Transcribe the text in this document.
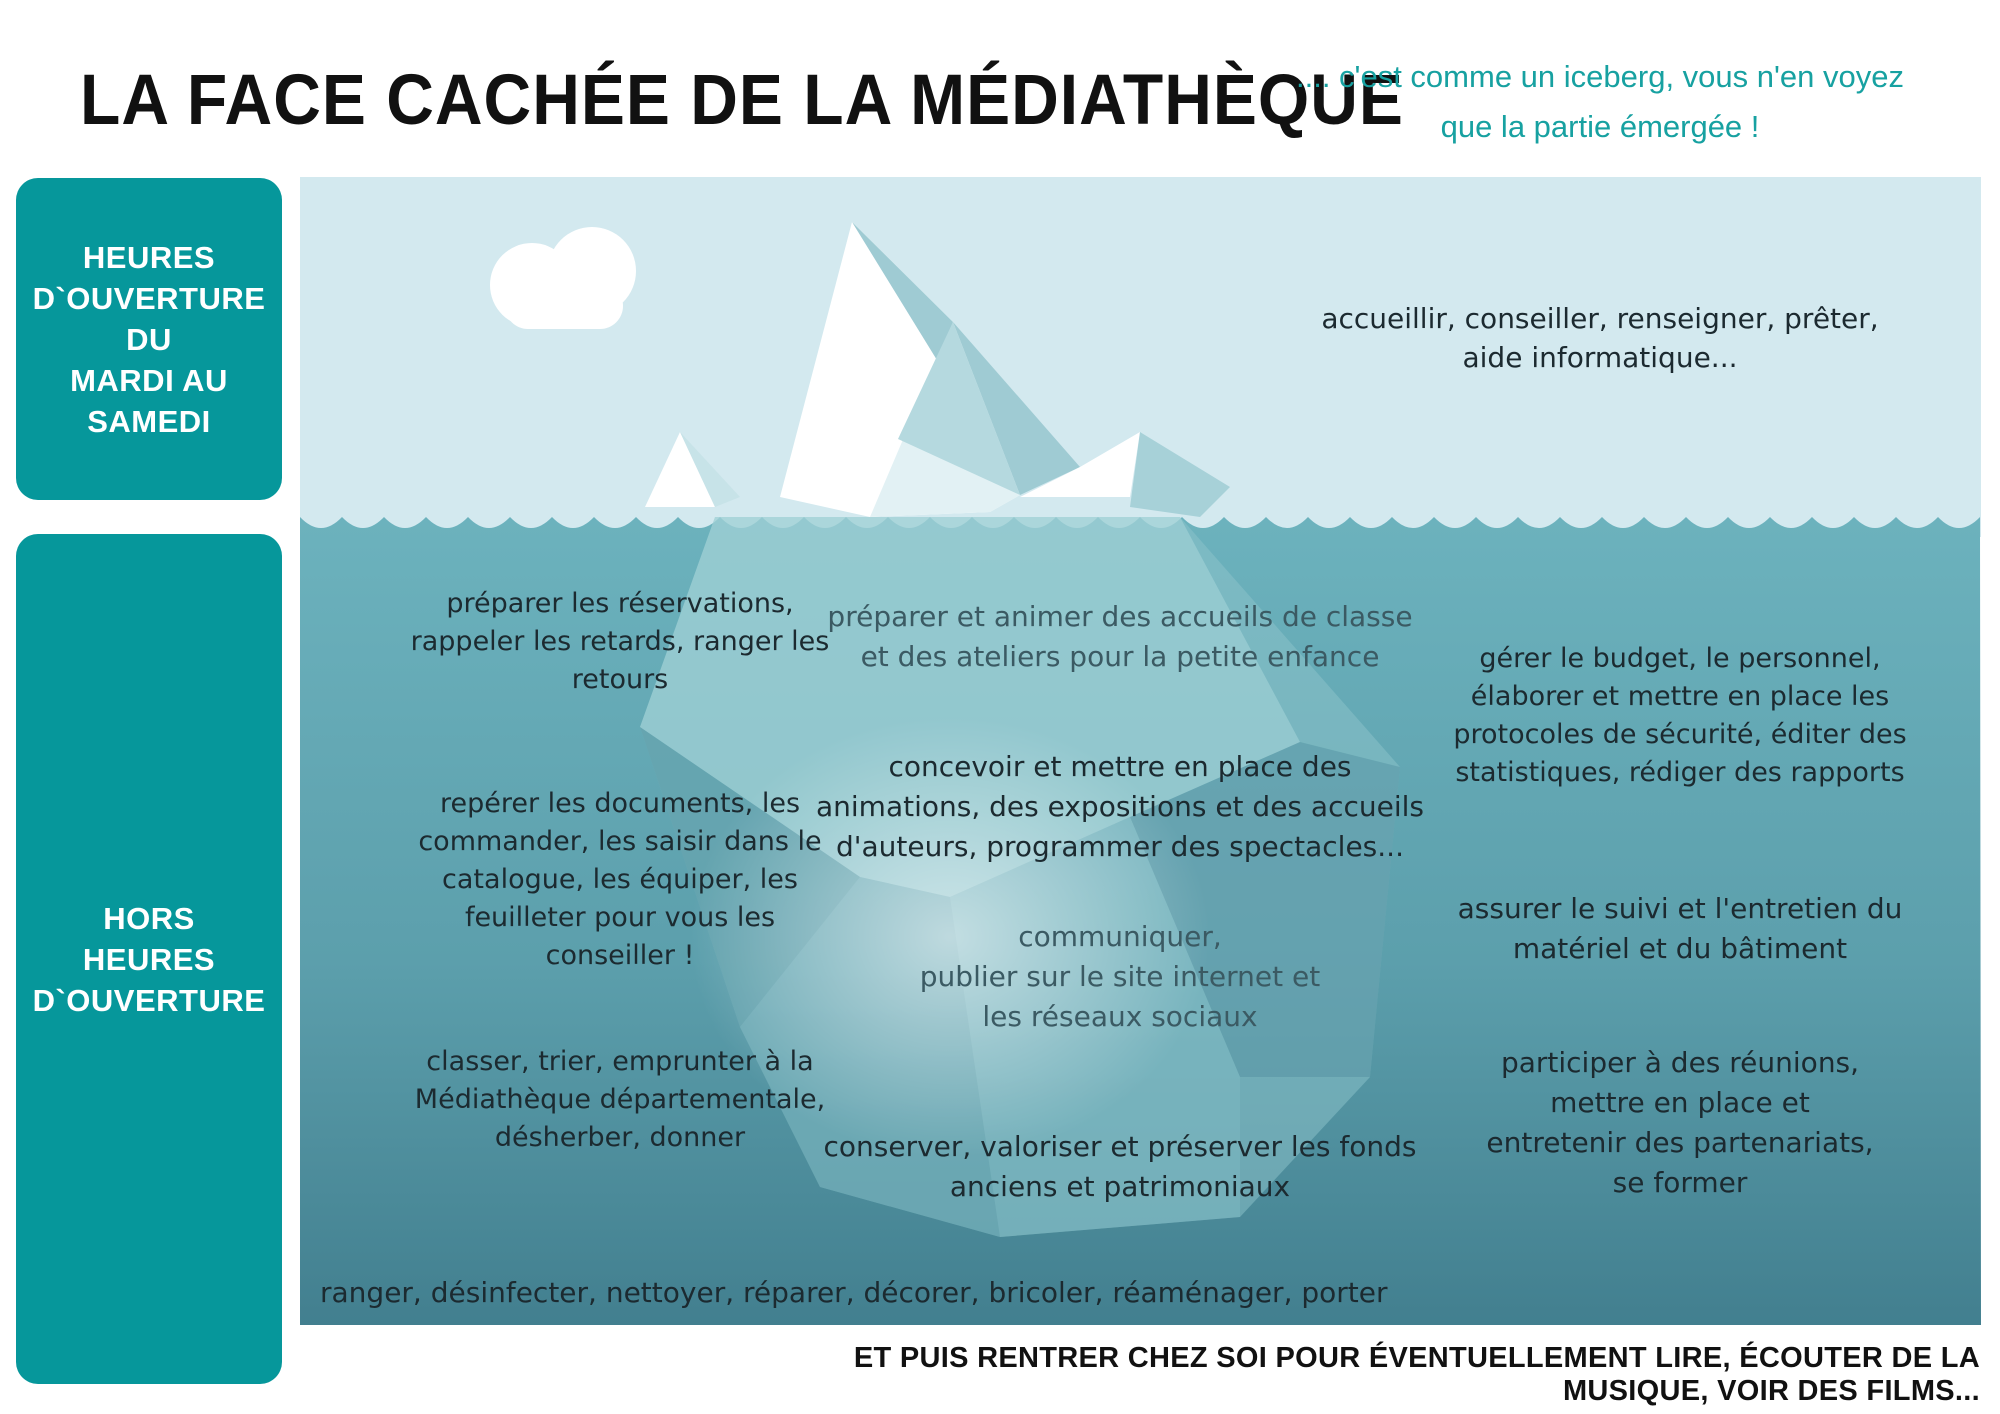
LA FACE CACHÉE DE LA MÉDIATHÈQUE
.... c'est comme un iceberg, vous n'en voyez
que la partie émergée !
HEURES
D`OUVERTURE DU
MARDI AU SAMEDI
HORS
HEURES
D`OUVERTURE
accueillir, conseiller, renseigner, prêter,
aide informatique...
préparer les réservations,
rappeler les retards, ranger les
retours
repérer les documents, les
commander, les saisir dans le
catalogue, les équiper, les
feuilleter pour vous les
conseiller !
classer, trier, emprunter à la
Médiathèque départementale,
désherber, donner
préparer et animer des accueils de classe
et des ateliers pour la petite enfance
concevoir et mettre en place des
animations, des expositions et des accueils
d'auteurs, programmer des spectacles...
communiquer,
publier sur le site internet et
les réseaux sociaux
conserver, valoriser et préserver les fonds
anciens et patrimoniaux
gérer le budget, le personnel,
élaborer et mettre en place les
protocoles de sécurité, éditer des
statistiques, rédiger des rapports
assurer le suivi et l'entretien du
matériel et du bâtiment
participer à des réunions,
mettre en place et
entretenir des partenariats,
se former
ranger, désinfecter, nettoyer, réparer, décorer, bricoler, réaménager, porter
ET PUIS RENTRER CHEZ SOI POUR ÉVENTUELLEMENT LIRE, ÉCOUTER DE LA MUSIQUE, VOIR DES FILMS...
